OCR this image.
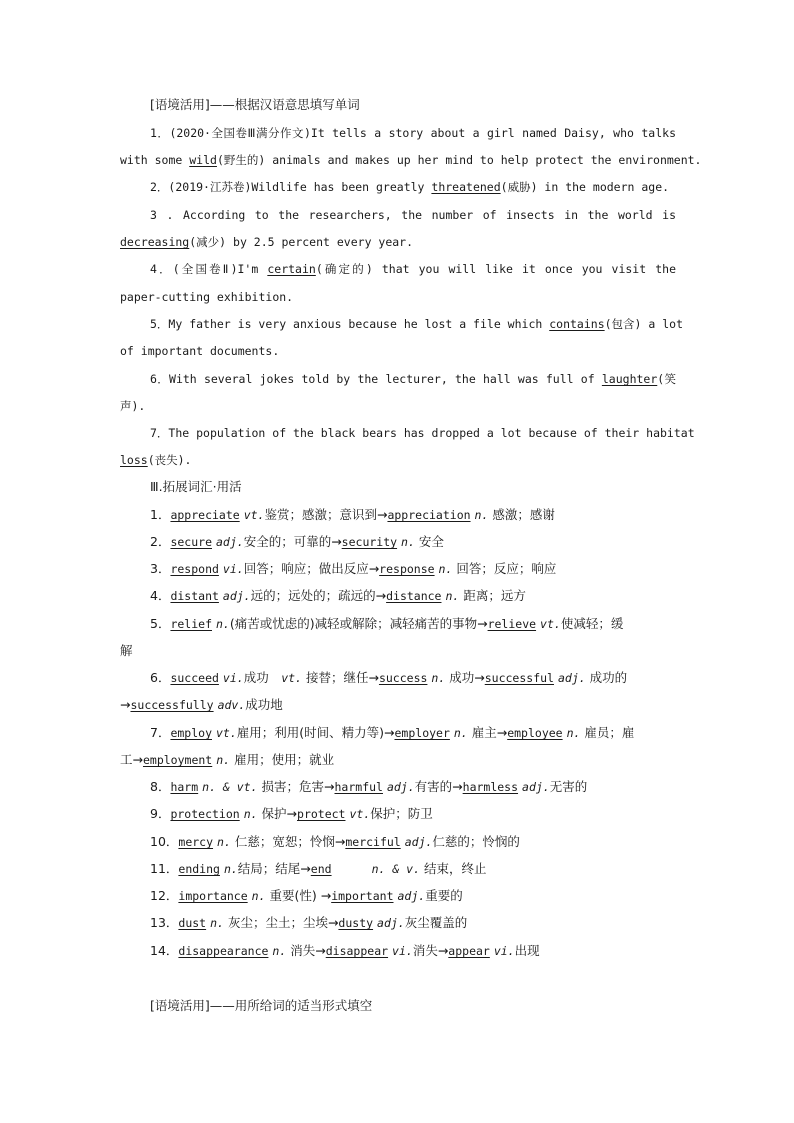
[语境活用]——根据汉语意思填写单词
1．(2020·全国卷Ⅲ满分作文)It tells a story about a girl named Daisy, who talks
with some wild(野生的) animals and makes up her mind to help protect the environment.
2．(2019·江苏卷)Wildlife has been greatly threatened(威胁) in the modern age.
3 . According to the researchers, the number of insects in the world is
decreasing(减少) by 2.5 percent every year.
4．(全国卷Ⅱ)I'm certain(确定的) that you will like it once you visit the
paper-cutting exhibition.
5．My father is very anxious because he lost a file which contains(包含) a lot
of important documents.
6．With several jokes told by the lecturer, the hall was full of laughter(笑
声).
7．The population of the black bears has dropped a lot because of their habitat
loss(丧失).
Ⅲ.拓展词汇·用活
1．appreciate vt.鉴赏；感激；意识到→appreciation n. 感激；感谢
2．secure adj.安全的；可靠的→security n. 安全
3．respond vi.回答；响应；做出反应→response n. 回答；反应；响应
4．distant adj.远的；远处的；疏远的→distance n. 距离；远方
5．relief n.(痛苦或忧虑的)减轻或解除；减轻痛苦的事物→relieve vt.使减轻；缓
解
6．succeed vi.成功　vt. 接替；继任→success n. 成功→successful adj. 成功的
→successfully adv.成功地
7．employ vt.雇用；利用(时间、精力等)→employer n. 雇主→employee n. 雇员；雇
工→employment n. 雇用；使用；就业
8．harm n. & vt. 损害；危害→harmful adj.有害的→harmless adj.无害的
9．protection n. 保护→protect vt.保护；防卫
10．mercy n. 仁慈；宽恕；怜悯→merciful adj.仁慈的；怜悯的
11．ending n.结局；结尾→end	n. & v. 结束，终止
12．importance n. 重要(性) →important adj.重要的
13．dust n. 灰尘；尘土；尘埃→dusty adj.灰尘覆盖的
14．disappearance n. 消失→disappear vi.消失→appear vi.出现
[语境活用]——用所给词的适当形式填空
